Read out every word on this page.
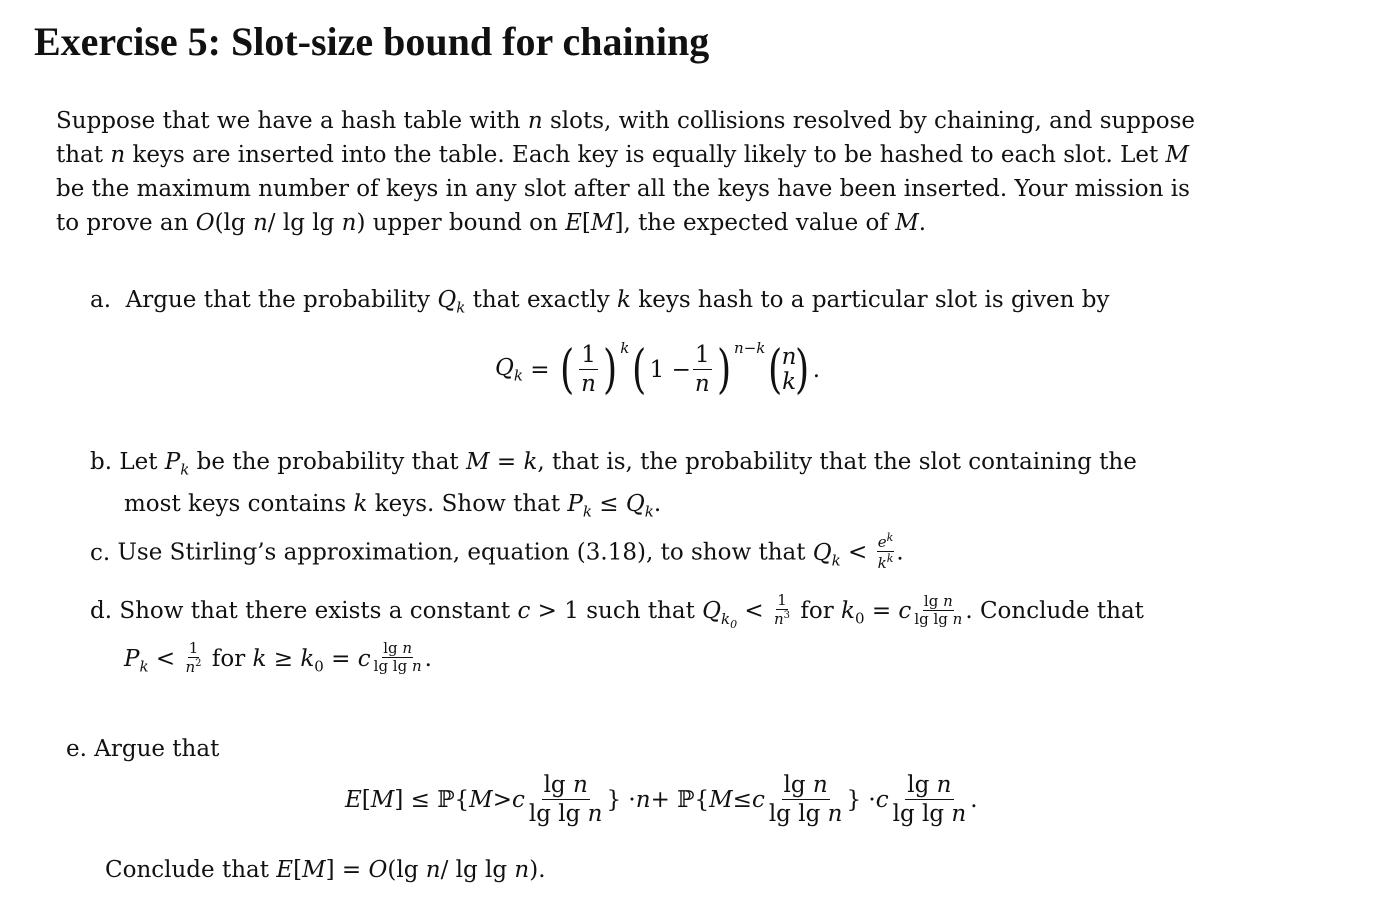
Exercise 5: Slot-size bound for chaining
Suppose that we have a hash table with n slots, with collisions resolved by chaining, and suppose
that n keys are inserted into the table. Each key is equally likely to be hashed to each slot. Let M
be the maximum number of keys in any slot after all the keys have been inserted. Your mission is
to prove an O(lg n/ lg lg n) upper bound on E[M], the expected value of M.
a.  Argue that the probability $Q_k$ that exactly k keys hash to a particular slot is given by
$Q_k$ = ( $\frac{1}{n}$ ) $^k$ ( $1 - \frac{1}{n}$ ) $^{n-k}$ ( n
k ) .
b. Let $P_k$ be the probability that M = k, that is, the probability that the slot containing the
most keys contains k keys. Show that $P_k \le Q_k$.
c. Use Stirling’s approximation, equation (3.18), to show that $Q_k < \frac{e^k}{k^k}$ .
d. Show that there exists a constant c > 1 such that $Q_{k_0} < \frac{1}{n^3}$ for $k_0 = c \frac{\text{lg n}}{\text{lg lg n}}$ . Conclude that
$P_k < \frac{1}{n^2}$ for $k \ge k_0 = c \frac{\text{lg n}}{\text{lg lg n}}$ .
e. Argue that
E [ M ] ≤ ℙ{ M > c $\frac{\text{lg n}}{\text{lg lg n}}$ } · n + ℙ{ M ≤ c $\frac{\text{lg n}}{\text{lg lg n}}$ } · c $\frac{\text{lg n}}{\text{lg lg n}}$ .
Conclude that E[M] = O(lg n/ lg lg n).
